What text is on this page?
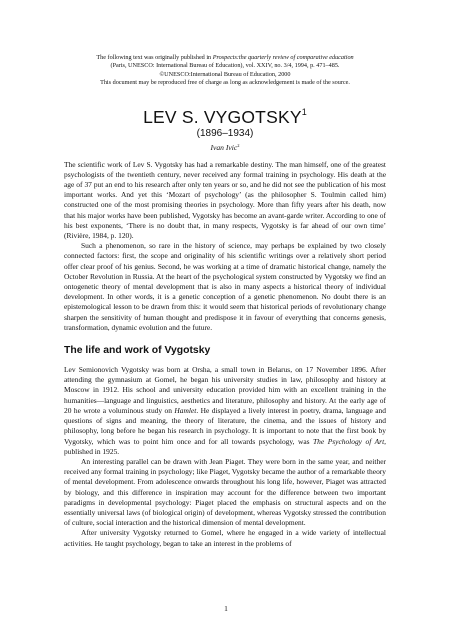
The following text was originally published in Prospects:the quarterly review of comparative education
(Paris, UNESCO: International Bureau of Education), vol. XXIV, no. 3/4, 1994, p. 471–485.
©UNESCO:International Bureau of Education, 2000
This document may be reproduced free of charge as long as acknowledgement is made of the source.
LEV S. VYGOTSKY$^1$
(1896–1934)
Ivan Ivic$^2$

The scientific work of Lev S. Vygotsky has had a remarkable destiny. The man himself, one of the greatest psychologists of the twentieth century, never received any formal training in psychology. His death at the age of 37 put an end to his research after only ten years or so, and he did not see the publication of his most important works. And yet this ‘Mozart of psychology’ (as the philosopher S. Toulmin called him) constructed one of the most promising theories in psychology. More than fifty years after his death, now that his major works have been published, Vygotsky has become an avant-garde writer. According to one of his best exponents, ‘There is no doubt that, in many respects, Vygotsky is far ahead of our own time’ (Rivière, 1984, p. 120).

Such a phenomenon, so rare in the history of science, may perhaps be explained by two closely connected factors: first, the scope and originality of his scientific writings over a relatively short period offer clear proof of his genius. Second, he was working at a time of dramatic historical change, namely the October Revolution in Russia. At the heart of the psychological system constructed by Vygotsky we find an ontogenetic theory of mental development that is also in many aspects a historical theory of individual development. In other words, it is a genetic conception of a genetic phenomenon. No doubt there is an epistemological lesson to be drawn from this: it would seem that historical periods of revolutionary change sharpen the sensitivity of human thought and predispose it in favour of everything that concerns genesis, transformation, dynamic evolution and the future.

The life and work of Vygotsky

Lev Semionovich Vygotsky was born at Orsha, a small town in Belarus, on 17 November 1896. After attending the gymnasium at Gomel, he began his university studies in law, philosophy and history at Moscow in 1912. His school and university education provided him with an excellent training in the humanities—language and linguistics, aesthetics and literature, philosophy and history. At the early age of 20 he wrote a voluminous study on Hamlet. He displayed a lively interest in poetry, drama, language and questions of signs and meaning, the theory of literature, the cinema, and the issues of history and philosophy, long before he began his research in psychology. It is important to note that the first book by Vygotsky, which was to point him once and for all towards psychology, was The Psychology of Art, published in 1925.

An interesting parallel can be drawn with Jean Piaget. They were born in the same year, and neither received any formal training in psychology; like Piaget, Vygotsky became the author of a remarkable theory of mental development. From adolescence onwards throughout his long life, however, Piaget was attracted by biology, and this difference in inspiration may account for the difference between two important paradigms in developmental psychology: Piaget placed the emphasis on structural aspects and on the essentially universal laws (of biological origin) of development, whereas Vygotsky stressed the contribution of culture, social interaction and the historical dimension of mental development.

After university Vygotsky returned to Gomel, where he engaged in a wide variety of intellectual activities. He taught psychology, began to take an interest in the problems of

1
